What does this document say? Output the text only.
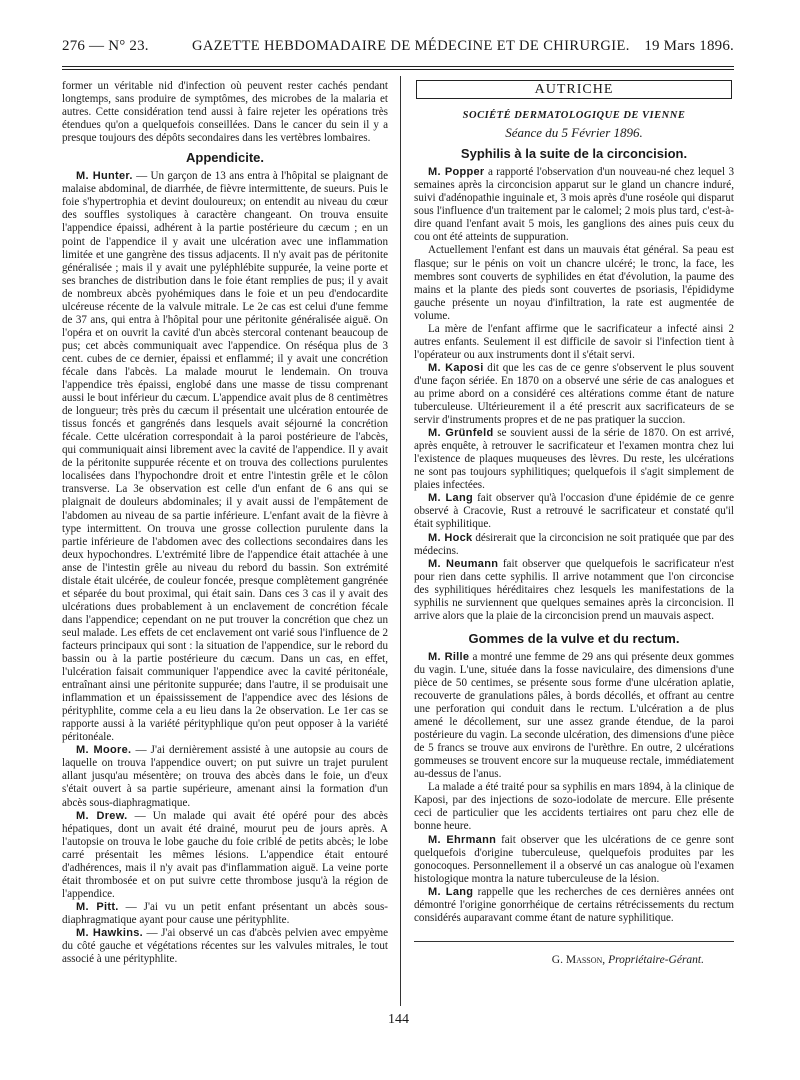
276 — N° 23.	GAZETTE HEBDOMADAIRE DE MÉDECINE ET DE CHIRURGIE. 19 Mars 1896.

former un véritable nid d'infection où peuvent rester cachés pendant longtemps, sans produire de symptômes, des microbes de la malaria et autres. Cette considération tend aussi à faire rejeter les opérations très étendues qu'on a quelquefois conseillées. Dans le cancer du sein il y a presque toujours des dépôts secondaires dans les vertèbres lombaires.

Appendicite.

M. Hunter. — Un garçon de 13 ans entra à l'hôpital se plaignant de malaise abdominal, de diarrhée, de fièvre intermittente, de sueurs. Puis le foie s'hypertrophia et devint douloureux; on entendit au niveau du cœur des souffles systoliques à caractère changeant. On trouva ensuite l'appendice épaissi, adhérent à la partie postérieure du cæcum ; en un point de l'appendice il y avait une ulcération avec une inflammation limitée et une gangrène des tissus adjacents. Il n'y avait pas de péritonite généralisée ; mais il y avait une pyléphlébite suppurée, la veine porte et ses branches de distribution dans le foie étant remplies de pus; il y avait de nombreux abcès pyohémiques dans le foie et un peu d'endocardite ulcéreuse récente de la valvule mitrale. Le 2e cas est celui d'une femme de 37 ans, qui entra à l'hôpital pour une péritonite généralisée aiguë. On l'opéra et on ouvrit la cavité d'un abcès stercoral contenant beaucoup de pus; cet abcès communiquait avec l'appendice. On réséqua plus de 3 cent. cubes de ce dernier, épaissi et enflammé; il y avait une concrétion fécale dans l'abcès. La malade mourut le lendemain. On trouva l'appendice très épaissi, englobé dans une masse de tissu comprenant aussi le bout inférieur du cæcum. L'appendice avait plus de 8 centimètres de longueur; très près du cæcum il présentait une ulcération entourée de tissus foncés et gangrénés dans lesquels avait séjourné la concrétion fécale. Cette ulcération correspondait à la paroi postérieure de l'abcès, qui communiquait ainsi librement avec la cavité de l'appendice. Il y avait de la péritonite suppurée récente et on trouva des collections purulentes localisées dans l'hypochondre droit et entre l'intestin grêle et le côlon transverse. La 3e observation est celle d'un enfant de 6 ans qui se plaignait de douleurs abdominales; il y avait aussi de l'empâtement de l'abdomen au niveau de sa partie inférieure. L'enfant avait de la fièvre à type intermittent. On trouva une grosse collection purulente dans la partie inférieure de l'abdomen avec des collections secondaires dans les deux hypochondres. L'extrémité libre de l'appendice était attachée à une anse de l'intestin grêle au niveau du rebord du bassin. Son extrémité distale était ulcérée, de couleur foncée, presque complètement gangrénée et séparée du bout proximal, qui était sain. Dans ces 3 cas il y avait des ulcérations dues probablement à un enclavement de concrétion fécale dans l'appendice; cependant on ne put trouver la concrétion que chez un seul malade. Les effets de cet enclavement ont varié sous l'influence de 2 facteurs principaux qui sont : la situation de l'appendice, sur le rebord du bassin ou à la partie postérieure du cæcum. Dans un cas, en effet, l'ulcération faisait communiquer l'appendice avec la cavité péritonéale, entraînant ainsi une péritonite suppurée; dans l'autre, il se produisait une inflammation et un épaississement de l'appendice avec des lésions de pérityphlite, comme cela a eu lieu dans la 2e observation. Le 1er cas se rapporte aussi à la variété pérityphlique qu'on peut opposer à la variété péritonéale.

M. Moore. — J'ai dernièrement assisté à une autopsie au cours de laquelle on trouva l'appendice ouvert; on put suivre un trajet purulent allant jusqu'au mésentère; on trouva des abcès dans le foie, un d'eux s'était ouvert à sa partie supérieure, amenant ainsi la formation d'un abcès sous-diaphragmatique.

M. Drew. — Un malade qui avait été opéré pour des abcès hépatiques, dont un avait été drainé, mourut peu de jours après. A l'autopsie on trouva le lobe gauche du foie criblé de petits abcès; le lobe carré présentait les mêmes lésions. L'appendice était entouré d'adhérences, mais il n'y avait pas d'inflammation aiguë. La veine porte était thrombosée et on put suivre cette thrombose jusqu'à la région de l'appendice.

M. Pitt. — J'ai vu un petit enfant présentant un abcès sous-diaphragmatique ayant pour cause une pérityphlite.

M. Hawkins. — J'ai observé un cas d'abcès pelvien avec empyème du côté gauche et végétations récentes sur les valvules mitrales, le tout associé à une pérityphlite.

AUTRICHE
SOCIÉTÉ DERMATOLOGIQUE DE VIENNE
Séance du 5 Février 1896.
Syphilis à la suite de la circoncision.

M. Popper a rapporté l'observation d'un nouveau-né chez lequel 3 semaines après la circoncision apparut sur le gland un chancre induré, suivi d'adénopathie inguinale et, 3 mois après d'une roséole qui disparut sous l'influence d'un traitement par le calomel; 2 mois plus tard, c'est-à-dire quand l'enfant avait 5 mois, les ganglions des aines puis ceux du cou ont été atteints de suppuration.

Actuellement l'enfant est dans un mauvais état général. Sa peau est flasque; sur le pénis on voit un chancre ulcéré; le tronc, la face, les membres sont couverts de syphilides en état d'évolution, la paume des mains et la plante des pieds sont couvertes de psoriasis, l'épididyme gauche présente un noyau d'infiltration, la rate est augmentée de volume.

La mère de l'enfant affirme que le sacrificateur a infecté ainsi 2 autres enfants. Seulement il est difficile de savoir si l'infection tient à l'opérateur ou aux instruments dont il s'était servi.

M. Kaposi dit que les cas de ce genre s'observent le plus souvent d'une façon sériée. En 1870 on a observé une série de cas analogues et au prime abord on a considéré ces altérations comme étant de nature tuberculeuse. Ultérieurement il a été prescrit aux sacrificateurs de se servir d'instruments propres et de ne pas pratiquer la succion.

M. Grünfeld se souvient aussi de la série de 1870. On est arrivé, après enquête, à retrouver le sacrificateur et l'examen montra chez lui l'existence de plaques muqueuses des lèvres. Du reste, les ulcérations ne sont pas toujours syphilitiques; quelquefois il s'agit simplement de plaies infectées.

M. Lang fait observer qu'à l'occasion d'une épidémie de ce genre observé à Cracovie, Rust a retrouvé le sacrificateur et constaté qu'il était syphilitique.

M. Hock désirerait que la circoncision ne soit pratiquée que par des médecins.

M. Neumann fait observer que quelquefois le sacrificateur n'est pour rien dans cette syphilis. Il arrive notamment que l'on circoncise des syphilitiques héréditaires chez lesquels les manifestations de la syphilis ne surviennent que quelques semaines après la circoncision. Il arrive alors que la plaie de la circoncision prend un mauvais aspect.

Gommes de la vulve et du rectum.

M. Rille a montré une femme de 29 ans qui présente deux gommes du vagin. L'une, située dans la fosse naviculaire, des dimensions d'une pièce de 50 centimes, se présente sous forme d'une ulcération aplatie, recouverte de granulations pâles, à bords décollés, et offrant au centre une perforation qui conduit dans le rectum. L'ulcération a de plus amené le décollement, sur une assez grande étendue, de la paroi postérieure du vagin. La seconde ulcération, des dimensions d'une pièce de 5 francs se trouve aux environs de l'urèthre. En outre, 2 ulcérations gommeuses se trouvent encore sur la muqueuse rectale, immédiatement au-dessus de l'anus.

La malade a été traité pour sa syphilis en mars 1894, à la clinique de Kaposi, par des injections de sozo-iodolate de mercure. Elle présente ceci de particulier que les accidents tertiaires ont paru chez elle de bonne heure.

M. Ehrmann fait observer que les ulcérations de ce genre sont quelquefois d'origine tuberculeuse, quelquefois produites par les gonocoques. Personnellement il a observé un cas analogue où l'examen histologique montra la nature tuberculeuse de la lésion.

M. Lang rappelle que les recherches de ces dernières années ont démontré l'origine gonorrhéique de certains rétrécissements du rectum considérés auparavant comme étant de nature syphilitique.

G. Masson, Propriétaire-Gérant.
144
